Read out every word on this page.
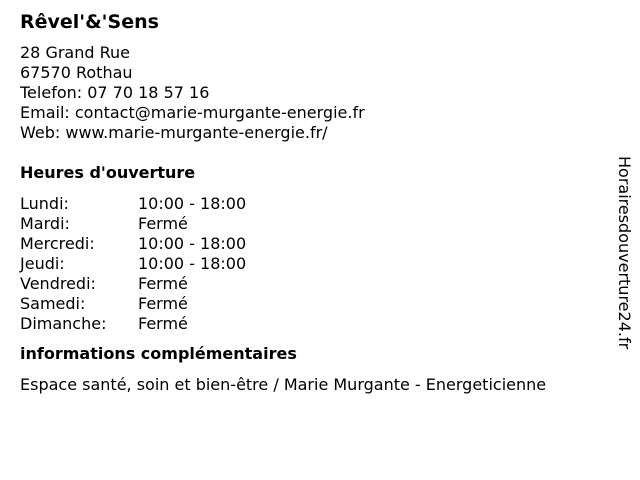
Rêvel'&'Sens
28 Grand Rue
67570 Rothau
Telefon: 07 70 18 57 16
Email: contact@marie-murgante-energie.fr
Web: www.marie-murgante-energie.fr/
Heures d'ouverture
Lundi:	10:00 - 18:00
Mardi:	Fermé
Mercredi:	10:00 - 18:00
Jeudi:	10:00 - 18:00
Vendredi:	Fermé
Samedi:	Fermé
Dimanche:	Fermé
informations complémentaires
Espace santé, soin et bien-être / Marie Murgante - Energeticienne
Horairesdouverture24.fr
